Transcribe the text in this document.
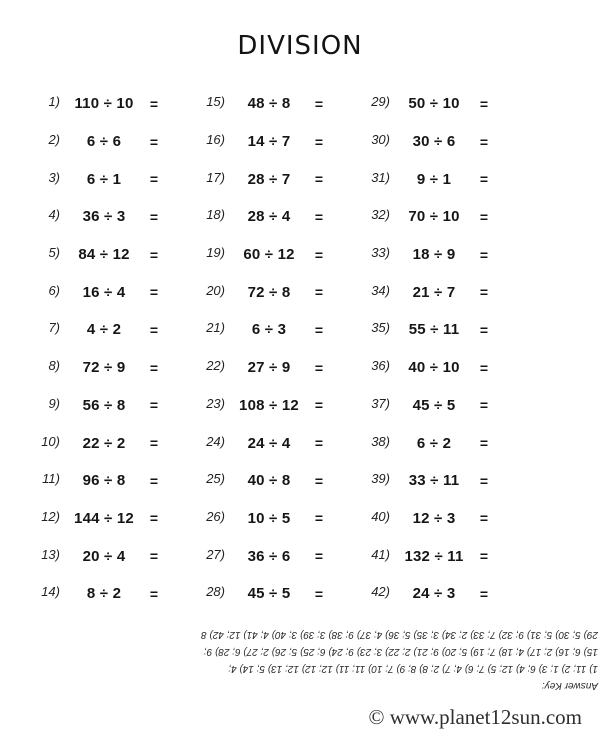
DIVISION
1) 110 ÷ 10	=
2)	6 ÷ 6	=
3)	6 ÷ 1	=
4)	36 ÷ 3	=
5)	84 ÷ 12	=
6)	16 ÷ 4	=
7)	4 ÷ 2	=
8)	72 ÷ 9	=
9)	56 ÷ 8	=
10)	22 ÷ 2	=
11)	96 ÷ 8	=
12) 144 ÷ 12	=
13)	20 ÷ 4	=
14)	8 ÷ 2	=
15)	48 ÷ 8	=
16)	14 ÷ 7	=
17)	28 ÷ 7	=
18)	28 ÷ 4	=
19)	60 ÷ 12	=
20)	72 ÷ 8	=
21)	6 ÷ 3	=
22)	27 ÷ 9	=
23) 108 ÷ 12	=
24)	24 ÷ 4	=
25)	40 ÷ 8	=
26)	10 ÷ 5	=
27)	36 ÷ 6	=
28)	45 ÷ 5	=
29)	50 ÷ 10	=
30)	30 ÷ 6	=
31)	9 ÷ 1	=
32)	70 ÷ 10	=
33)	18 ÷ 9	=
34)	21 ÷ 7	=
35)	55 ÷ 11	=
36)	40 ÷ 10	=
37)	45 ÷ 5	=
38)	6 ÷ 2	=
39)	33 ÷ 11	=
40)	12 ÷ 3	=
41) 132 ÷ 11	=
42)	24 ÷ 3	=
Answer Key:
1) 11; 2) 1; 3) 6; 4) 12; 5) 7; 6) 4; 7) 2; 8) 8; 9) 7; 10) 11; 11) 12; 12) 12; 13) 5; 14) 4;
15) 6; 16) 2; 17) 4; 18) 7; 19) 5; 20) 9; 21) 2; 22) 3; 23) 9; 24) 6; 25) 5; 26) 2; 27) 6; 28) 9;
29) 5; 30) 5; 31) 9; 32) 7; 33) 2; 34) 3; 35) 5; 36) 4; 37) 9; 38) 3; 39) 3; 40) 4; 41) 12; 42) 8
© www.planet12sun.com
